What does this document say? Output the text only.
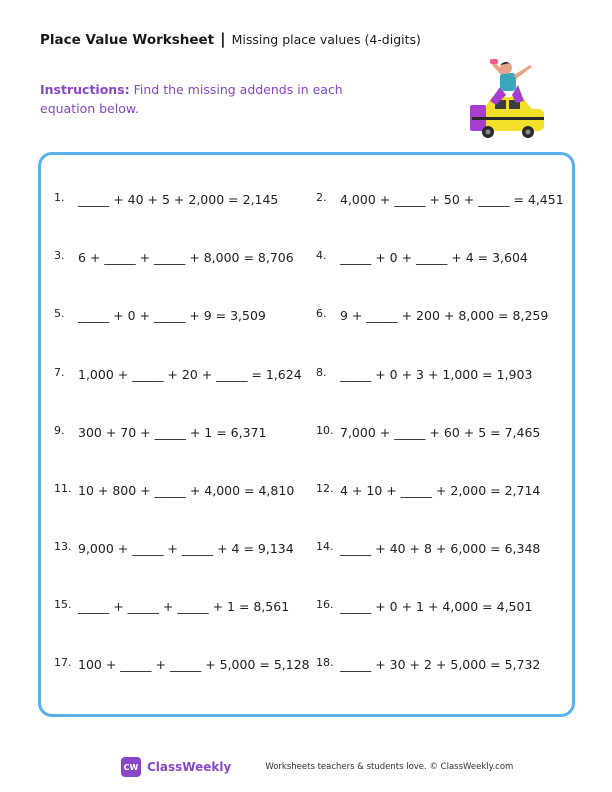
Place Value Worksheet | Missing place values (4-digits)
Instructions: Find the missing addends in each equation below.
1. _____ + 40 + 5 + 2,000 = 2,145	2. 4,000 + _____ + 50 + _____ = 4,451
3. 6 + _____ + _____ + 8,000 = 8,706 4. _____ + 0 + _____ + 4 = 3,604
5. _____ + 0 + _____ + 9 = 3,509	6. 9 + _____ + 200 + 8,000 = 8,259
7. 1,000 + _____ + 20 + _____ = 1,624 8. _____ + 0 + 3 + 1,000 = 1,903
9. 300 + 70 + _____ + 1 = 6,371	10. 7,000 + _____ + 60 + 5 = 7,465
11. 10 + 800 + _____ + 4,000 = 4,810 12. 4 + 10 + _____ + 2,000 = 2,714
13. 9,000 + _____ + _____ + 4 = 9,134 14. _____ + 40 + 8 + 6,000 = 6,348
15. _____ + _____ + _____ + 1 = 8,561 16. _____ + 0 + 1 + 4,000 = 4,501
17. 100 + _____ + _____ + 5,000 = 5,128 18. _____ + 30 + 2 + 5,000 = 5,732
CW ClassWeekly	Worksheets teachers & students love. © ClassWeekly.com
